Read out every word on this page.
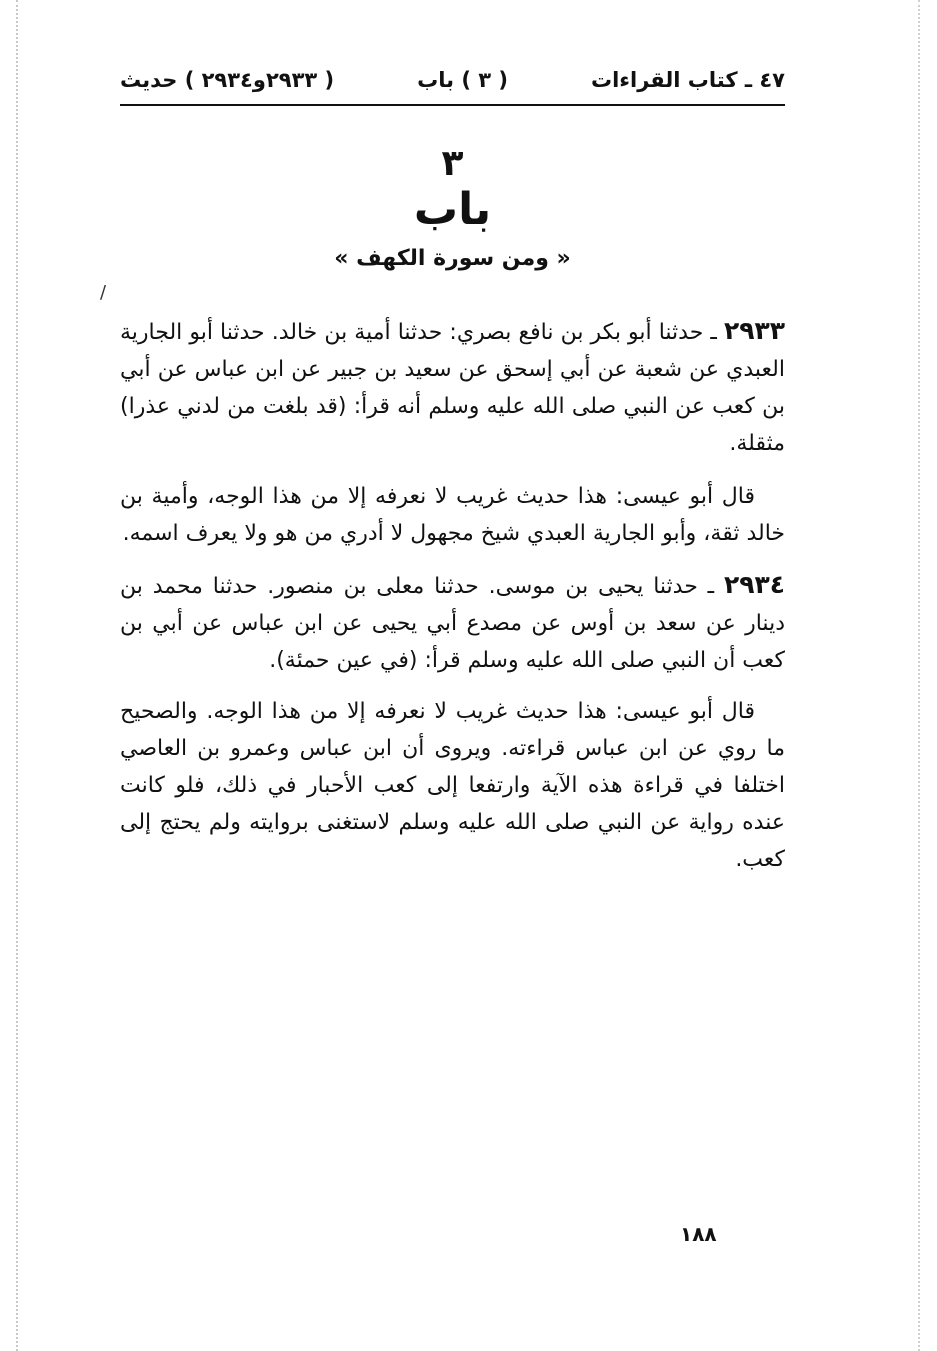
/
٤٧ ـ كتاب القراءات
( ٣ ) باب
( ٢٩٣٣و٢٩٣٤ ) حديث
٣
باب
« ومن سورة الكهف »

٢٩٣٣ ـ حدثنا أبو بكر بن نافع بصري: حدثنا أمية بن خالد. حدثنا أبو الجارية العبدي عن شعبة عن أبي إسحق عن سعيد بن جبير عن ابن عباس عن أبي بن كعب عن النبي صلى الله عليه وسلم أنه قرأ: (قد بلغت من لدني عذرا) مثقلة.

قال أبو عيسى: هذا حديث غريب لا نعرفه إلا من هذا الوجه، وأمية بن خالد ثقة، وأبو الجارية العبدي شيخ مجهول لا أدري من هو ولا يعرف اسمه.

٢٩٣٤ ـ حدثنا يحيى بن موسى. حدثنا معلى بن منصور. حدثنا محمد بن دينار عن سعد بن أوس عن مصدع أبي يحيى عن ابن عباس عن أبي بن كعب أن النبي صلى الله عليه وسلم قرأ: (في عين حمئة).

قال أبو عيسى: هذا حديث غريب لا نعرفه إلا من هذا الوجه. والصحيح ما روي عن ابن عباس قراءته. ويروى أن ابن عباس وعمرو بن العاصي اختلفا في قراءة هذه الآية وارتفعا إلى كعب الأحبار في ذلك، فلو كانت عنده رواية عن النبي صلى الله عليه وسلم لاستغنى بروايته ولم يحتج إلى كعب.

١٨٨
